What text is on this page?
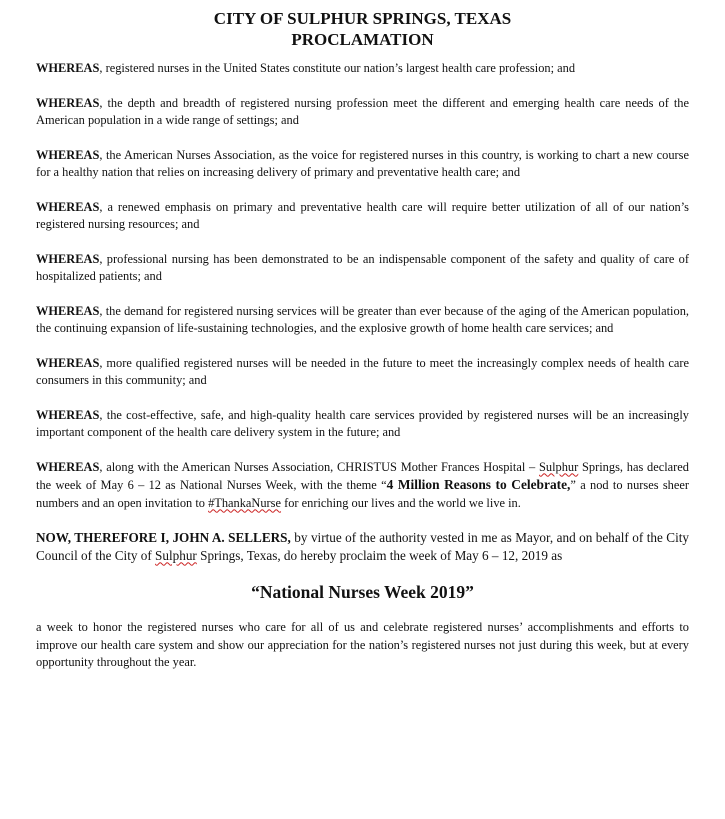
CITY OF SULPHUR SPRINGS, TEXAS

PROCLAMATION

WHEREAS, registered nurses in the United States constitute our nation’s largest health care profession; and

WHEREAS, the depth and breadth of registered nursing profession meet the different and emerging health care needs of the American population in a wide range of settings; and

WHEREAS, the American Nurses Association, as the voice for registered nurses in this country, is working to chart a new course for a healthy nation that relies on increasing delivery of primary and preventative health care; and

WHEREAS, a renewed emphasis on primary and preventative health care will require better utilization of all of our nation’s registered nursing resources; and

WHEREAS, professional nursing has been demonstrated to be an indispensable component of the safety and quality of care of hospitalized patients; and

WHEREAS, the demand for registered nursing services will be greater than ever because of the aging of the American population, the continuing expansion of life-sustaining technologies, and the explosive growth of home health care services; and

WHEREAS, more qualified registered nurses will be needed in the future to meet the increasingly complex needs of health care consumers in this community; and

WHEREAS, the cost-effective, safe, and high-quality health care services provided by registered nurses will be an increasingly important component of the health care delivery system in the future; and

WHEREAS, along with the American Nurses Association, CHRISTUS Mother Frances Hospital – Sulphur Springs, has declared the week of May 6 – 12 as National Nurses Week, with the theme “4 Million Reasons to Celebrate,” a nod to nurses sheer numbers and an open invitation to #ThankaNurse for enriching our lives and the world we live in.

NOW, THEREFORE I, JOHN A. SELLERS, by virtue of the authority vested in me as Mayor, and on behalf of the City Council of the City of Sulphur Springs, Texas, do hereby proclaim the week of May 6 – 12, 2019 as

“National Nurses Week 2019”

a week to honor the registered nurses who care for all of us and celebrate registered nurses’ accomplishments and efforts to improve our health care system and show our appreciation for the nation’s registered nurses not just during this week, but at every opportunity throughout the year.
